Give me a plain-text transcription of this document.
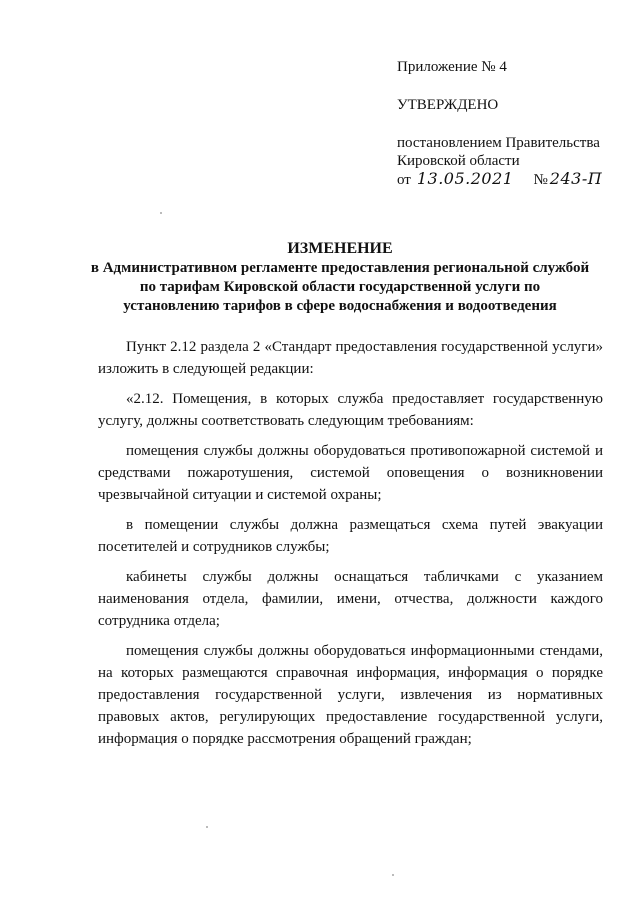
Приложение № 4
УТВЕРЖДЕНО
постановлением Правительства
Кировской области
от 13.05.2021 № 243-П
ИЗМЕНЕНИЕ
в Административном регламенте предоставления региональной службой
по тарифам Кировской области государственной услуги по
установлению тарифов в сфере водоснабжения и водоотведения

Пункт 2.12 раздела 2 «Стандарт предоставления государственной услуги» изложить в следующей редакции:

«2.12. Помещения, в которых служба предоставляет государственную услугу, должны соответствовать следующим требованиям:

помещения службы должны оборудоваться противопожарной системой и средствами пожаротушения, системой оповещения о возникновении чрезвычайной ситуации и системой охраны;

в помещении службы должна размещаться схема путей эвакуации посетителей и сотрудников службы;

кабинеты службы должны оснащаться табличками с указанием наименования отдела, фамилии, имени, отчества, должности каждого сотрудника отдела;

помещения службы должны оборудоваться информационными стендами, на которых размещаются справочная информация, информация о порядке предоставления государственной услуги, извлечения из нормативных правовых актов, регулирующих предоставление государственной услуги, информация о порядке рассмотрения обращений граждан;
